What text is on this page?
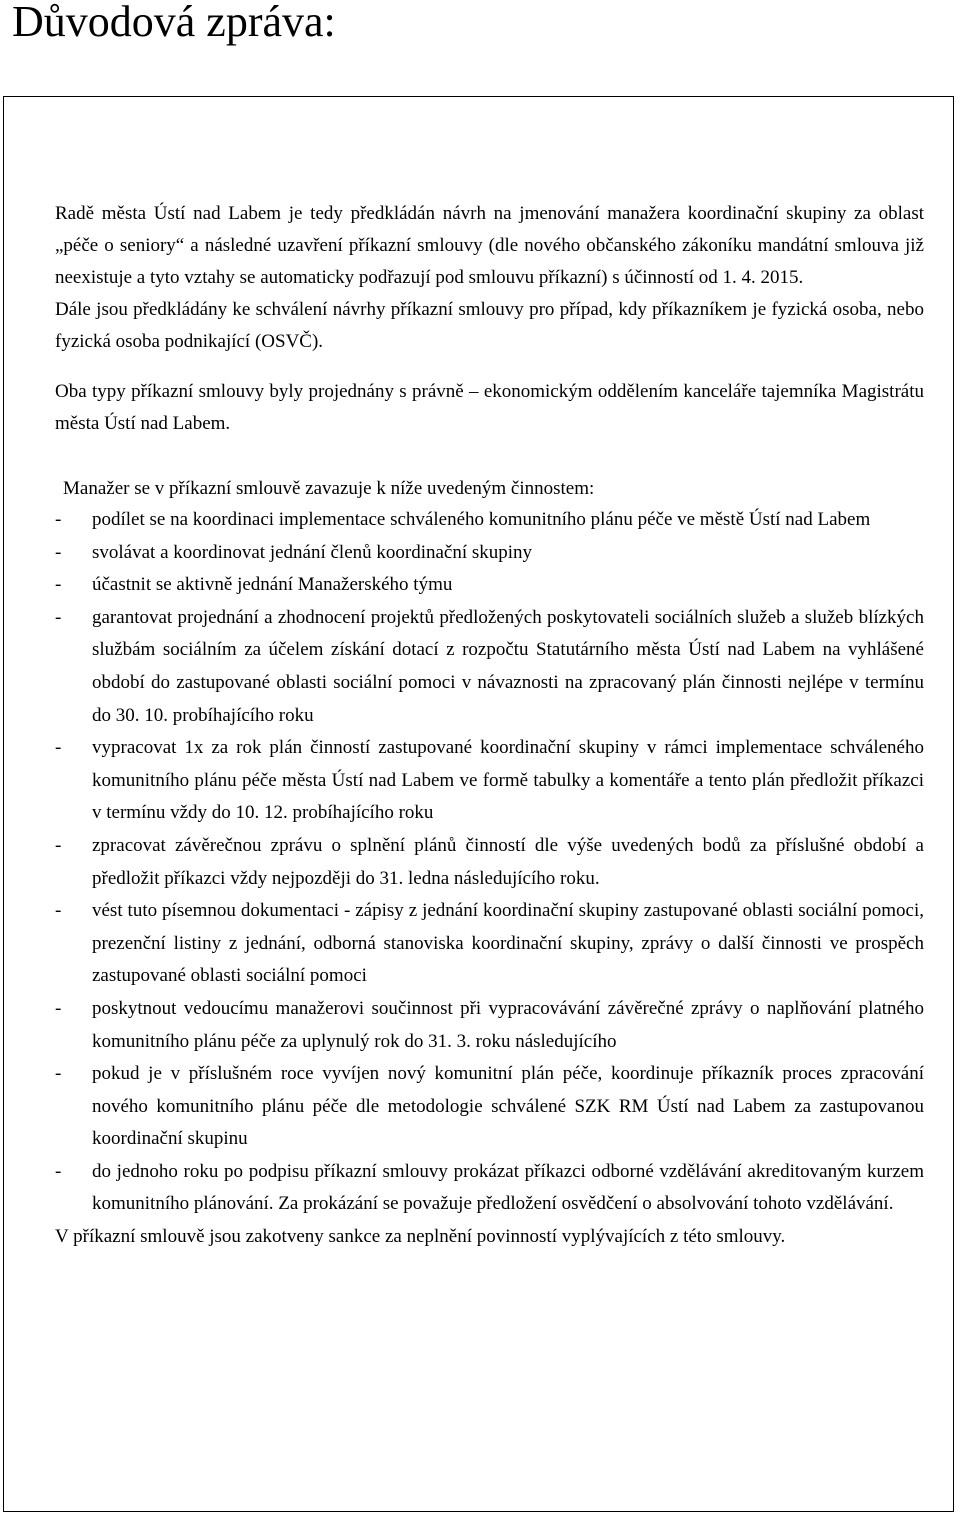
Důvodová zpráva:

Radě města Ústí nad Labem je tedy předkládán návrh na jmenování manažera koordinační skupiny za oblast „péče o seniory“ a následné uzavření příkazní smlouvy (dle nového občanského zákoníku mandátní smlouva již neexistuje a tyto vztahy se automaticky podřazují pod smlouvu příkazní) s účinností od 1. 4. 2015.

Dále jsou předkládány ke schválení návrhy příkazní smlouvy pro případ, kdy příkazníkem je fyzická osoba, nebo fyzická osoba podnikající (OSVČ).

Oba typy příkazní smlouvy byly projednány s právně – ekonomickým oddělením kanceláře tajemníka Magistrátu města Ústí nad Labem.

Manažer se v příkazní smlouvě zavazuje k níže uvedeným činnostem:

- podílet se na koordinaci implementace schváleného komunitního plánu péče ve městě Ústí nad Labem
- svolávat a koordinovat jednání členů koordinační skupiny
- účastnit se aktivně jednání Manažerského týmu
- garantovat projednání a zhodnocení projektů předložených poskytovateli sociálních služeb a služeb blízkých službám sociálním za účelem získání dotací z rozpočtu Statutárního města Ústí nad Labem na vyhlášené období do zastupované oblasti sociální pomoci v návaznosti na zpracovaný plán činnosti nejlépe v termínu do 30. 10. probíhajícího roku
- vypracovat 1x za rok plán činností zastupované koordinační skupiny v rámci implementace schváleného komunitního plánu péče města Ústí nad Labem ve formě tabulky a komentáře a tento plán předložit příkazci v termínu vždy do 10. 12. probíhajícího roku
- zpracovat závěrečnou zprávu o splnění plánů činností dle výše uvedených bodů za příslušné období a předložit příkazci vždy nejpozději do 31. ledna následujícího roku.
- vést tuto písemnou dokumentaci - zápisy z jednání koordinační skupiny zastupované oblasti sociální pomoci, prezenční listiny z jednání, odborná stanoviska koordinační skupiny, zprávy o další činnosti ve prospěch zastupované oblasti sociální pomoci
- poskytnout vedoucímu manažerovi součinnost při vypracovávání závěrečné zprávy o naplňování platného komunitního plánu péče za uplynulý rok do 31. 3. roku následujícího
- pokud je v příslušném roce vyvíjen nový komunitní plán péče, koordinuje příkazník proces zpracování nového komunitního plánu péče dle metodologie schválené SZK RM Ústí nad Labem za zastupovanou koordinační skupinu
- do jednoho roku po podpisu příkazní smlouvy prokázat příkazci odborné vzdělávání akreditovaným kurzem komunitního plánování. Za prokázání se považuje předložení osvědčení o absolvování tohoto vzdělávání.

V příkazní smlouvě jsou zakotveny sankce za neplnění povinností vyplývajících z této smlouvy.
